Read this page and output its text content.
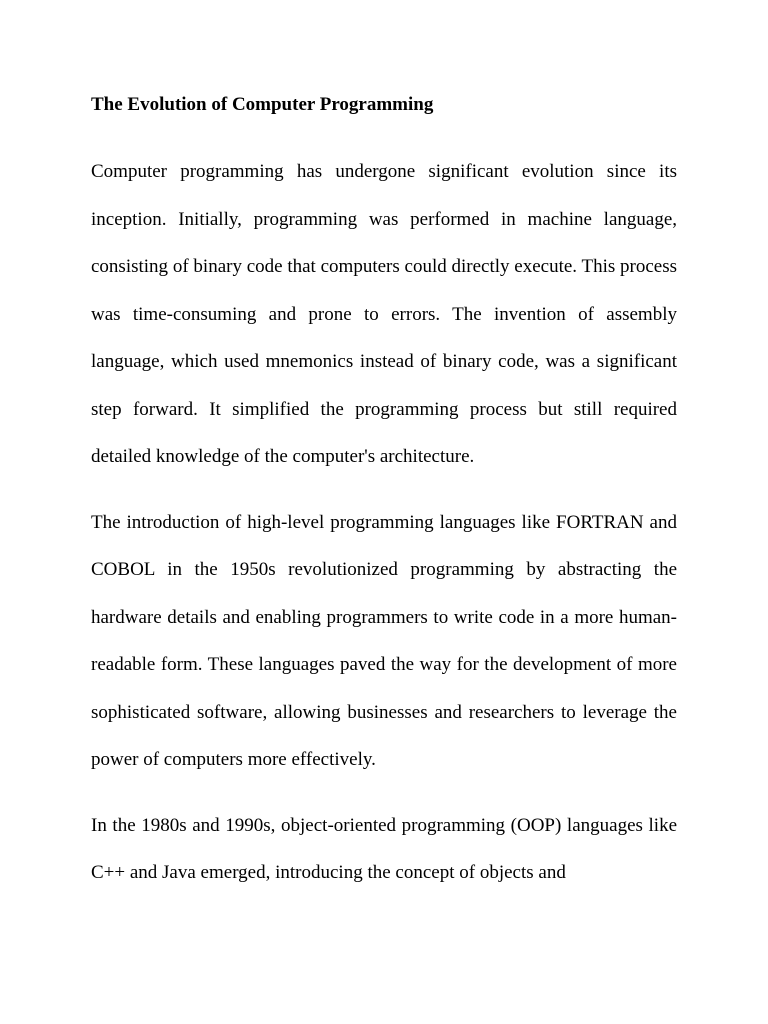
The Evolution of Computer Programming

Computer programming has undergone significant evolution since its inception. Initially, programming was performed in machine language, consisting of binary code that computers could directly execute. This process was time-consuming and prone to errors. The invention of assembly language, which used mnemonics instead of binary code, was a significant step forward. It simplified the programming process but still required detailed knowledge of the computer's architecture.

The introduction of high-level programming languages like FORTRAN and COBOL in the 1950s revolutionized programming by abstracting the hardware details and enabling programmers to write code in a more human-readable form. These languages paved the way for the development of more sophisticated software, allowing businesses and researchers to leverage the power of computers more effectively.

In the 1980s and 1990s, object-oriented programming (OOP) languages like C++ and Java emerged, introducing the concept of objects and
